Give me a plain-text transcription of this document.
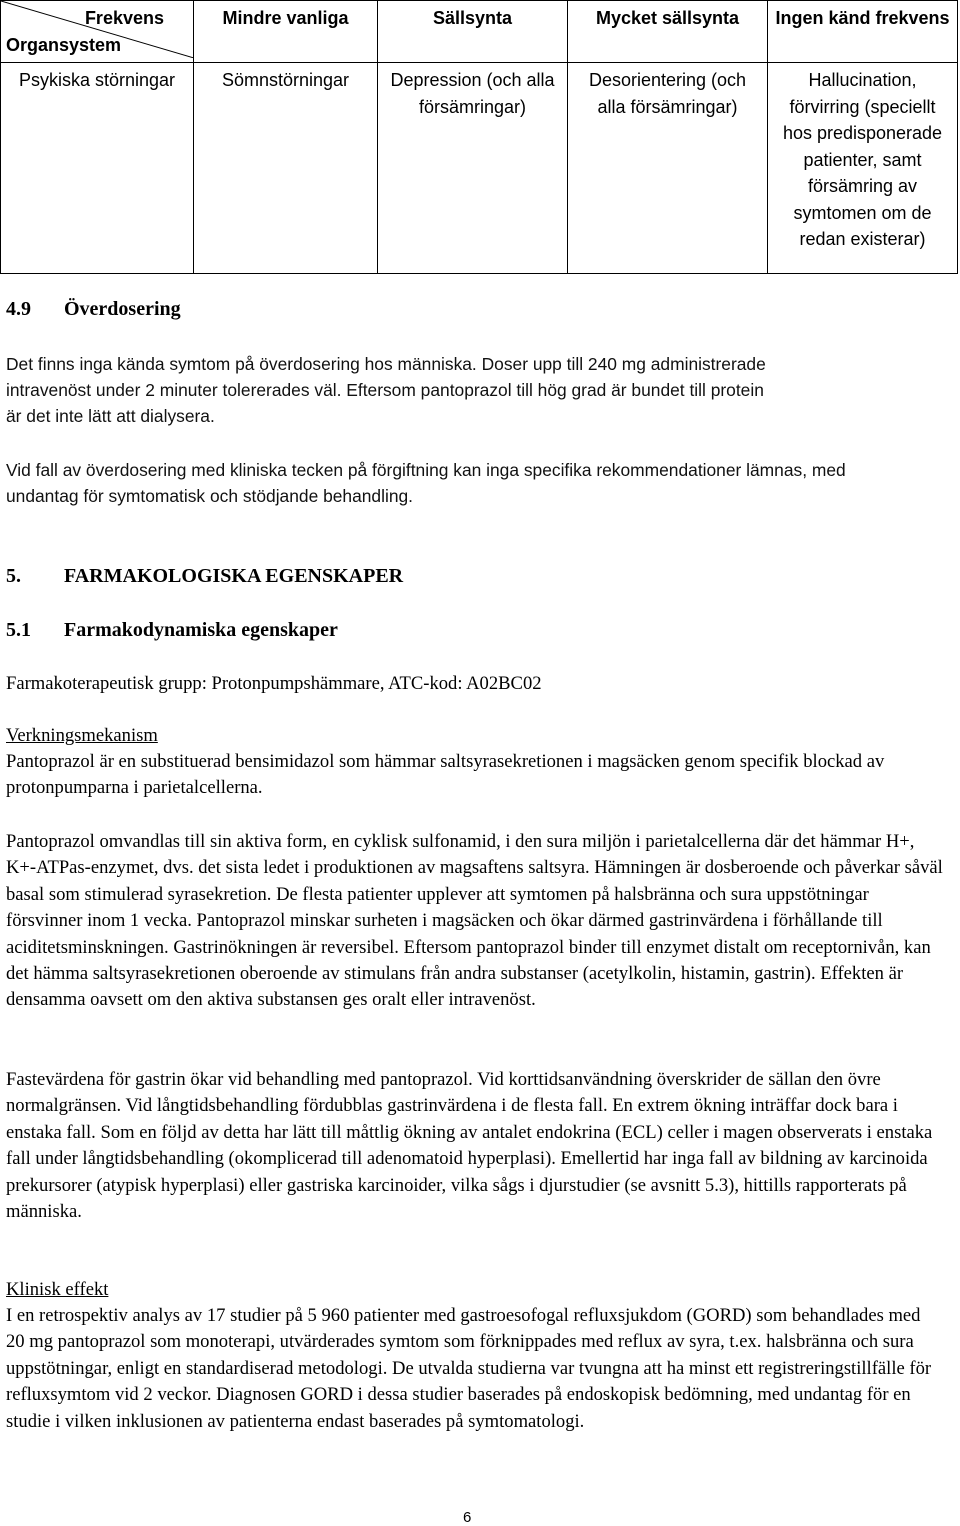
Frekvens
Organsystem	Mindre vanliga	Sällsynta	Mycket sällsynta	Ingen känd frekvens
Psykiska störningar	Sömnstörningar	Depression (och alla försämringar)	Desorientering (och alla försämringar)	Hallucination, förvirring (speciellt hos predisponerade patienter, samt försämring av symtomen om de redan existerar)
4.9 Överdosering
Det finns inga kända symtom på överdosering hos människa. Doser upp till 240 mg administrerade intravenöst under 2 minuter tolererades väl. Eftersom pantoprazol till hög grad är bundet till protein är det inte lätt att dialysera.
Vid fall av överdosering med kliniska tecken på förgiftning kan inga specifika rekommendationer lämnas, med undantag för symtomatisk och stödjande behandling.
5. FARMAKOLOGISKA EGENSKAPER
5.1 Farmakodynamiska egenskaper
Farmakoterapeutisk grupp: Protonpumpshämmare, ATC-kod: A02BC02
Verkningsmekanism
Pantoprazol är en substituerad bensimidazol som hämmar saltsyrasekretionen i magsäcken genom specifik blockad av protonpumparna i parietalcellerna.
Pantoprazol omvandlas till sin aktiva form, en cyklisk sulfonamid, i den sura miljön i parietalcellerna där det hämmar H+, K+-ATPas-enzymet, dvs. det sista ledet i produktionen av magsaftens saltsyra. Hämningen är dosberoende och påverkar såväl basal som stimulerad syrasekretion. De flesta patienter upplever att symtomen på halsbränna och sura uppstötningar försvinner inom 1 vecka. Pantoprazol minskar surheten i magsäcken och ökar därmed gastrinvärdena i förhållande till aciditetsminskningen. Gastrinökningen är reversibel. Eftersom pantoprazol binder till enzymet distalt om receptornivån, kan det hämma saltsyrasekretionen oberoende av stimulans från andra substanser (acetylkolin, histamin, gastrin). Effekten är densamma oavsett om den aktiva substansen ges oralt eller intravenöst.
Fastevärdena för gastrin ökar vid behandling med pantoprazol. Vid korttidsanvändning överskrider de sällan den övre normalgränsen. Vid långtidsbehandling fördubblas gastrinvärdena i de flesta fall. En extrem ökning inträffar dock bara i enstaka fall. Som en följd av detta har lätt till måttlig ökning av antalet endokrina (ECL) celler i magen observerats i enstaka fall under långtidsbehandling (okomplicerad till adenomatoid hyperplasi). Emellertid har inga fall av bildning av karcinoida prekursorer (atypisk hyperplasi) eller gastriska karcinoider, vilka sågs i djurstudier (se avsnitt 5.3), hittills rapporterats på människa.
Klinisk effekt
I en retrospektiv analys av 17 studier på 5 960 patienter med gastroesofogal refluxsjukdom (GORD) som behandlades med 20 mg pantoprazol som monoterapi, utvärderades symtom som förknippades med reflux av syra, t.ex. halsbränna och sura uppstötningar, enligt en standardiserad metodologi. De utvalda studierna var tvungna att ha minst ett registreringstillfälle för refluxsymtom vid 2 veckor. Diagnosen GORD i dessa studier baserades på endoskopisk bedömning, med undantag för en studie i vilken inklusionen av patienterna endast baserades på symtomatologi.
6
